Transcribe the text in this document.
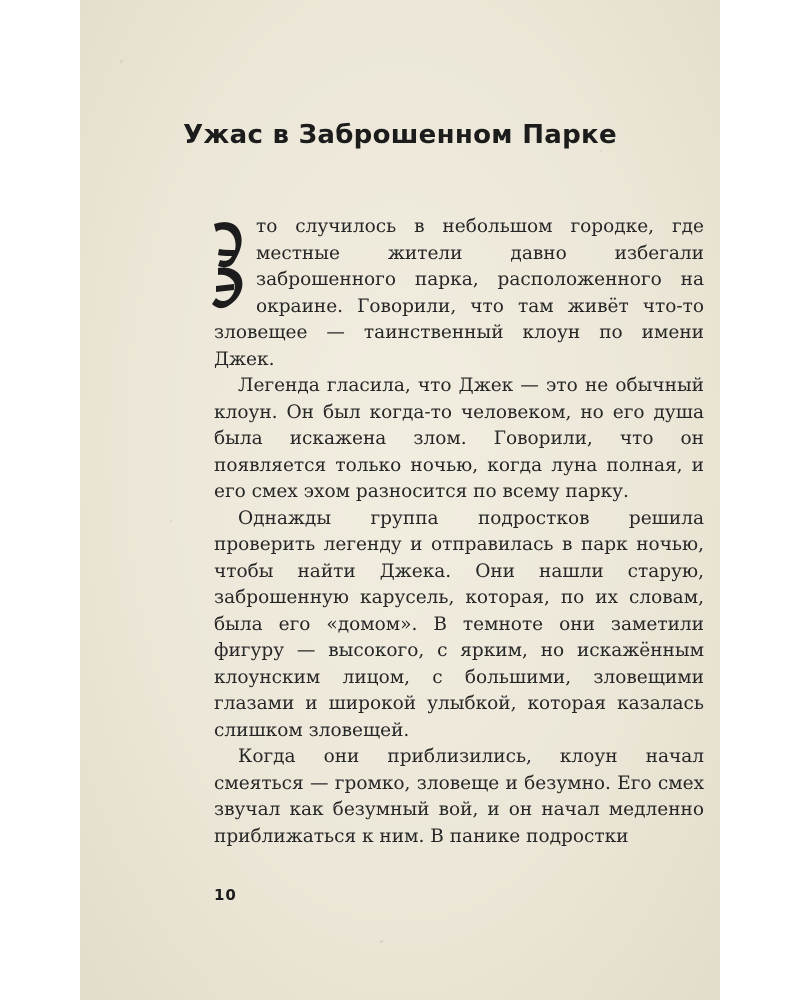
Ужас в Заброшенном Парке

то случилось в небольшом городке, где местные жители давно избегали заброшенного парка, расположенного на окраине. Говорили, что там живёт что-то зловещее — таинственный клоун по имени Джек.

Легенда гласила, что Джек — это не обычный клоун. Он был когда-то человеком, но его душа была искажена злом. Говорили, что он появляется только ночью, когда луна полная, и его смех эхом разносится по всему парку.

Однажды группа подростков решила проверить легенду и отправилась в парк ночью, чтобы найти Джека. Они нашли старую, заброшенную карусель, которая, по их словам, была его «домом». В темноте они заметили фигуру — высокого, с ярким, но искажённым клоунским лицом, с большими, зловещими глазами и широкой улыбкой, которая казалась слишком зловещей.

Когда они приблизились, клоун начал смеяться — громко, зловеще и безумно. Его смех звучал как безумный вой, и он начал медленно приближаться к ним. В панике подростки

10
